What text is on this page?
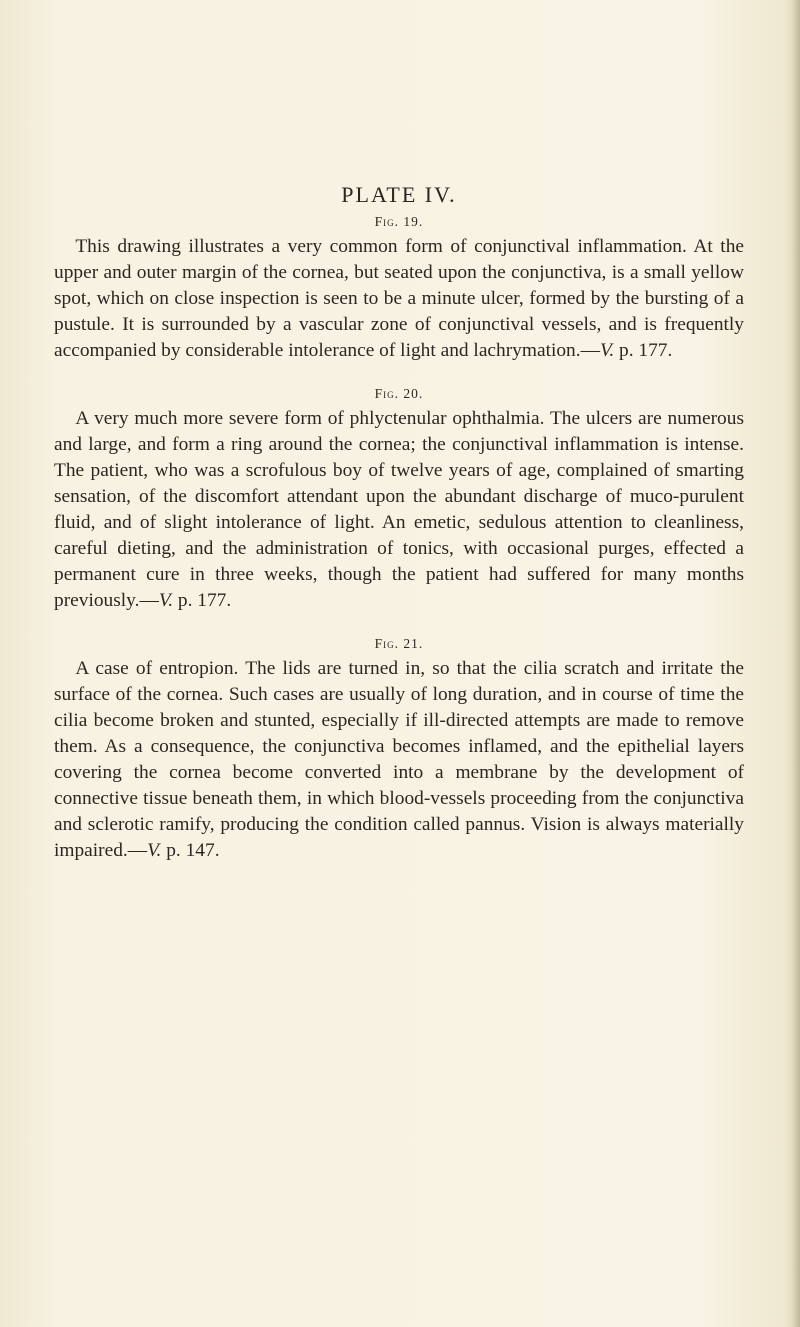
PLATE IV.
Fig. 19.

This drawing illustrates a very common form of conjunctival inflammation. At the upper and outer margin of the cornea, but seated upon the conjunctiva, is a small yellow spot, which on close inspection is seen to be a minute ulcer, formed by the bursting of a pustule. It is surrounded by a vascular zone of conjunctival vessels, and is frequently accompanied by considerable intolerance of light and lachrymation.—V. p. 177.

Fig. 20.

A very much more severe form of phlyctenular ophthalmia. The ulcers are numerous and large, and form a ring around the cornea; the conjunctival inflammation is intense. The patient, who was a scrofulous boy of twelve years of age, complained of smarting sensation, of the discomfort attendant upon the abundant discharge of muco-purulent fluid, and of slight intolerance of light. An emetic, sedulous attention to cleanliness, careful dieting, and the administration of tonics, with occasional purges, effected a permanent cure in three weeks, though the patient had suffered for many months previously.—V. p. 177.

Fig. 21.

A case of entropion. The lids are turned in, so that the cilia scratch and irritate the surface of the cornea. Such cases are usually of long duration, and in course of time the cilia become broken and stunted, especially if ill-directed attempts are made to remove them. As a consequence, the conjunctiva becomes inflamed, and the epithelial layers covering the cornea become converted into a membrane by the development of connective tissue beneath them, in which blood-vessels proceeding from the conjunctiva and sclerotic ramify, producing the condition called pannus. Vision is always materially impaired.—V. p. 147.
